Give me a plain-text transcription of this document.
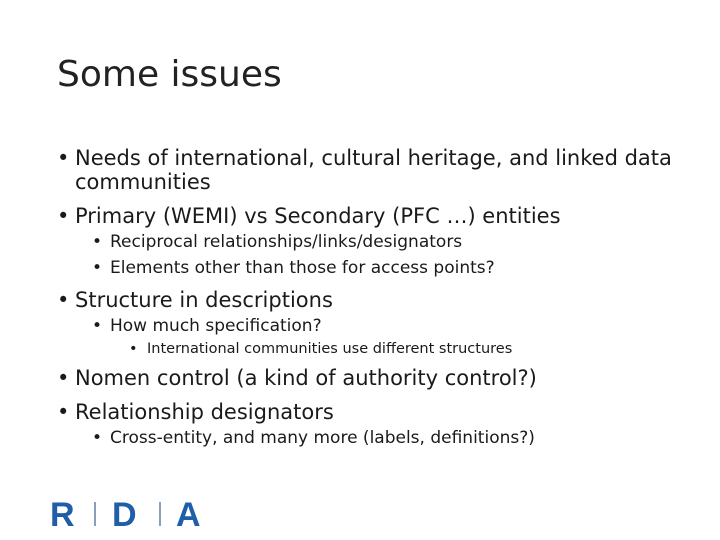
Some issues
• Needs of international, cultural heritage, and linked data communities
• Primary (WEMI) vs Secondary (PFC …) entities
• Reciprocal relationships/links/designators
• Elements other than those for access points?
• Structure in descriptions
• How much specification?
• International communities use different structures
• Nomen control (a kind of authority control?)
• Relationship designators
• Cross-entity, and many more (labels, definitions?)
R D A
